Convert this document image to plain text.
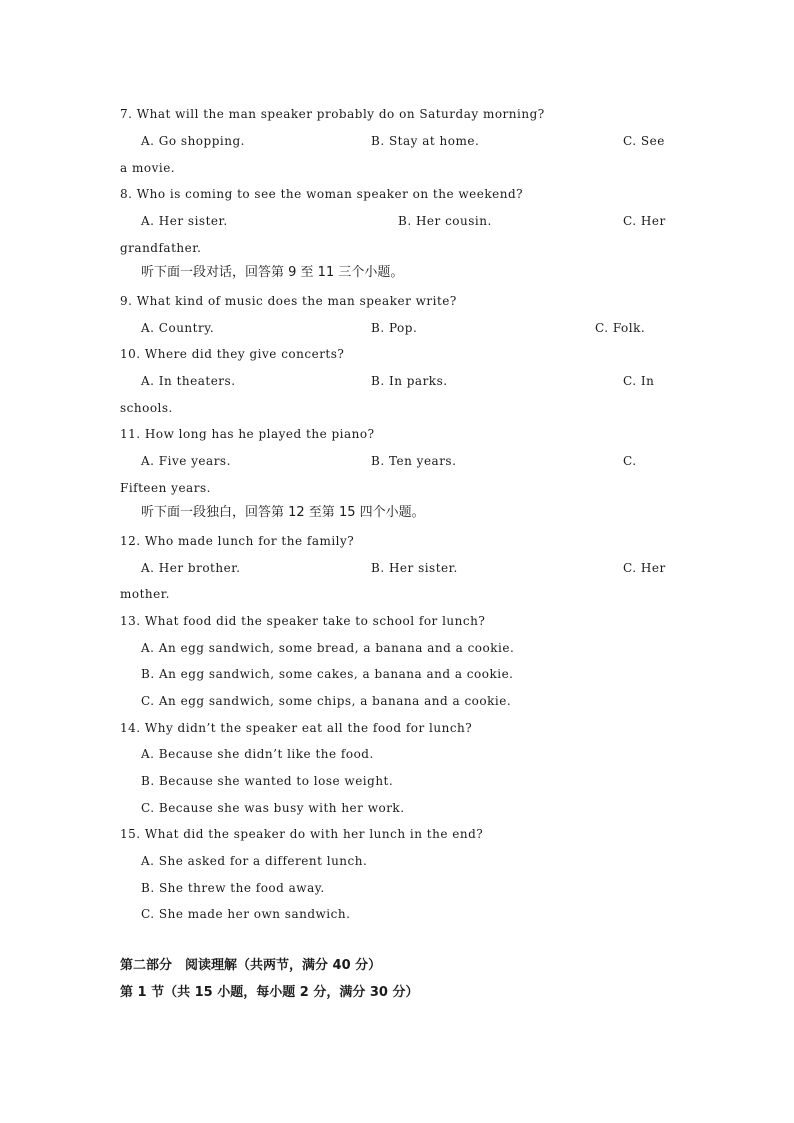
7. What will the man speaker probably do on Saturday morning?
A. Go shopping.	B. Stay at home.	C. See
a movie.
8. Who is coming to see the woman speaker on the weekend?
A. Her sister.	B. Her cousin.	C. Her
grandfather.
听下面一段对话，回答第 9 至 11 三个小题。
9. What kind of music does the man speaker write?
A. Country.	B. Pop.	C. Folk.
10. Where did they give concerts?
A. In theaters.	B. In parks.	C. In
schools.
11. How long has he played the piano?
A. Five years.	B. Ten years.	C.
Fifteen years.
听下面一段独白，回答第 12 至第 15 四个小题。
12. Who made lunch for the family?
A. Her brother.	B. Her sister.	C. Her
mother.
13. What food did the speaker take to school for lunch?
A. An egg sandwich, some bread, a banana and a cookie.
B. An egg sandwich, some cakes, a banana and a cookie.
C. An egg sandwich, some chips, a banana and a cookie.
14. Why didn’t the speaker eat all the food for lunch?
A. Because she didn’t like the food.
B. Because she wanted to lose weight.
C. Because she was busy with her work.
15. What did the speaker do with her lunch in the end?
A. She asked for a different lunch.
B. She threw the food away.
C. She made her own sandwich.
第二部分　阅读理解（共两节，满分 40 分）
第 1 节（共 15 小题，每小题 2 分，满分 30 分）
